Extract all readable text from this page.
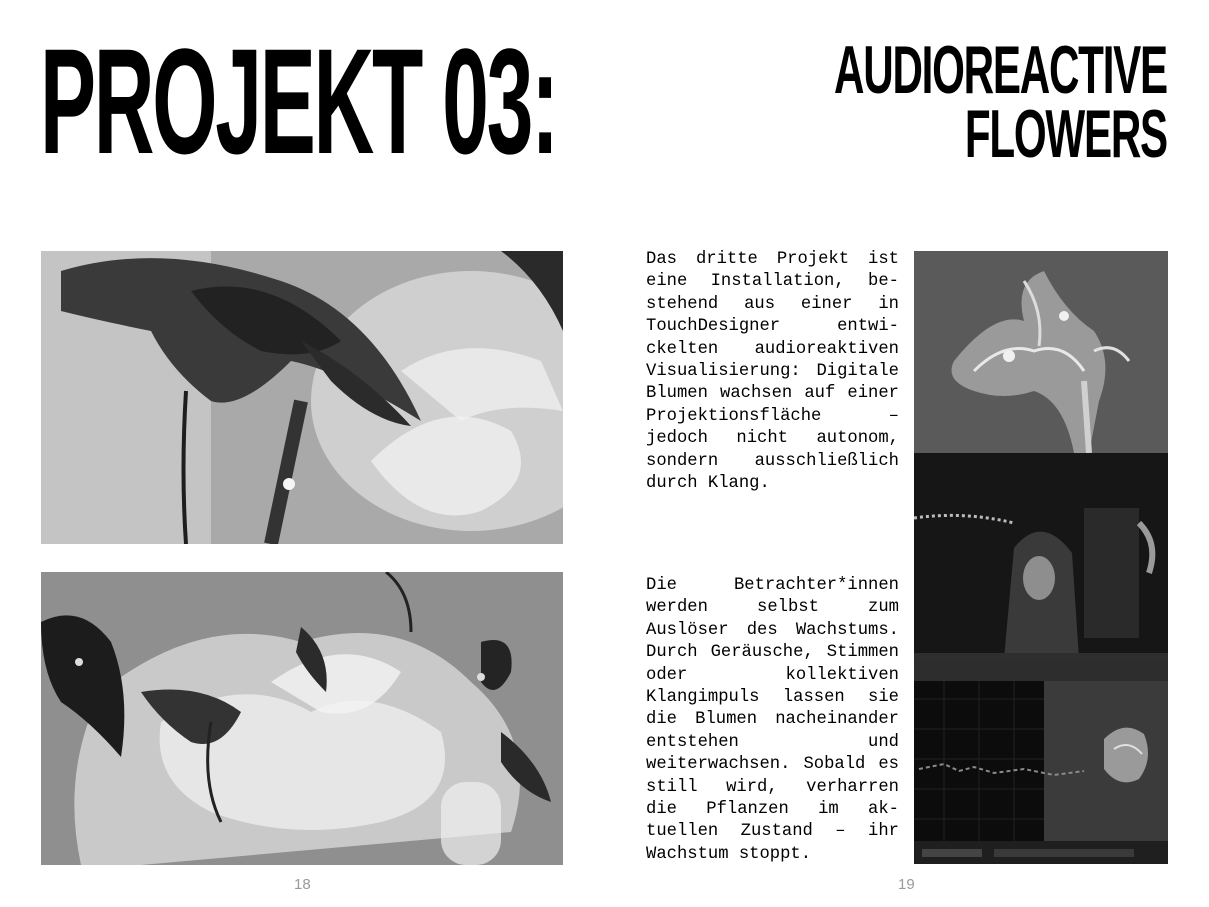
PROJEKT 03:	AUDIOREACTIVE
FLOWERS

Das dritte Projekt ist eine Installation, bestehend aus einer in TouchDesigner entwickelten audioreaktiven Visualisierung: Digitale Blumen wachsen auf einer Projektionsfläche – jedoch nicht autonom, sondern ausschließlich durch Klang.

Die Betrachter*innen werden selbst zum Auslöser des Wachstums. Durch Geräusche, Stimmen oder kollektiven Klangimpuls lassen sie die Blumen nacheinander entstehen und weiterwachsen. Sobald es still wird, verharren die Pflanzen im aktuellen Zustand – ihr Wachstum stoppt.

18	19
